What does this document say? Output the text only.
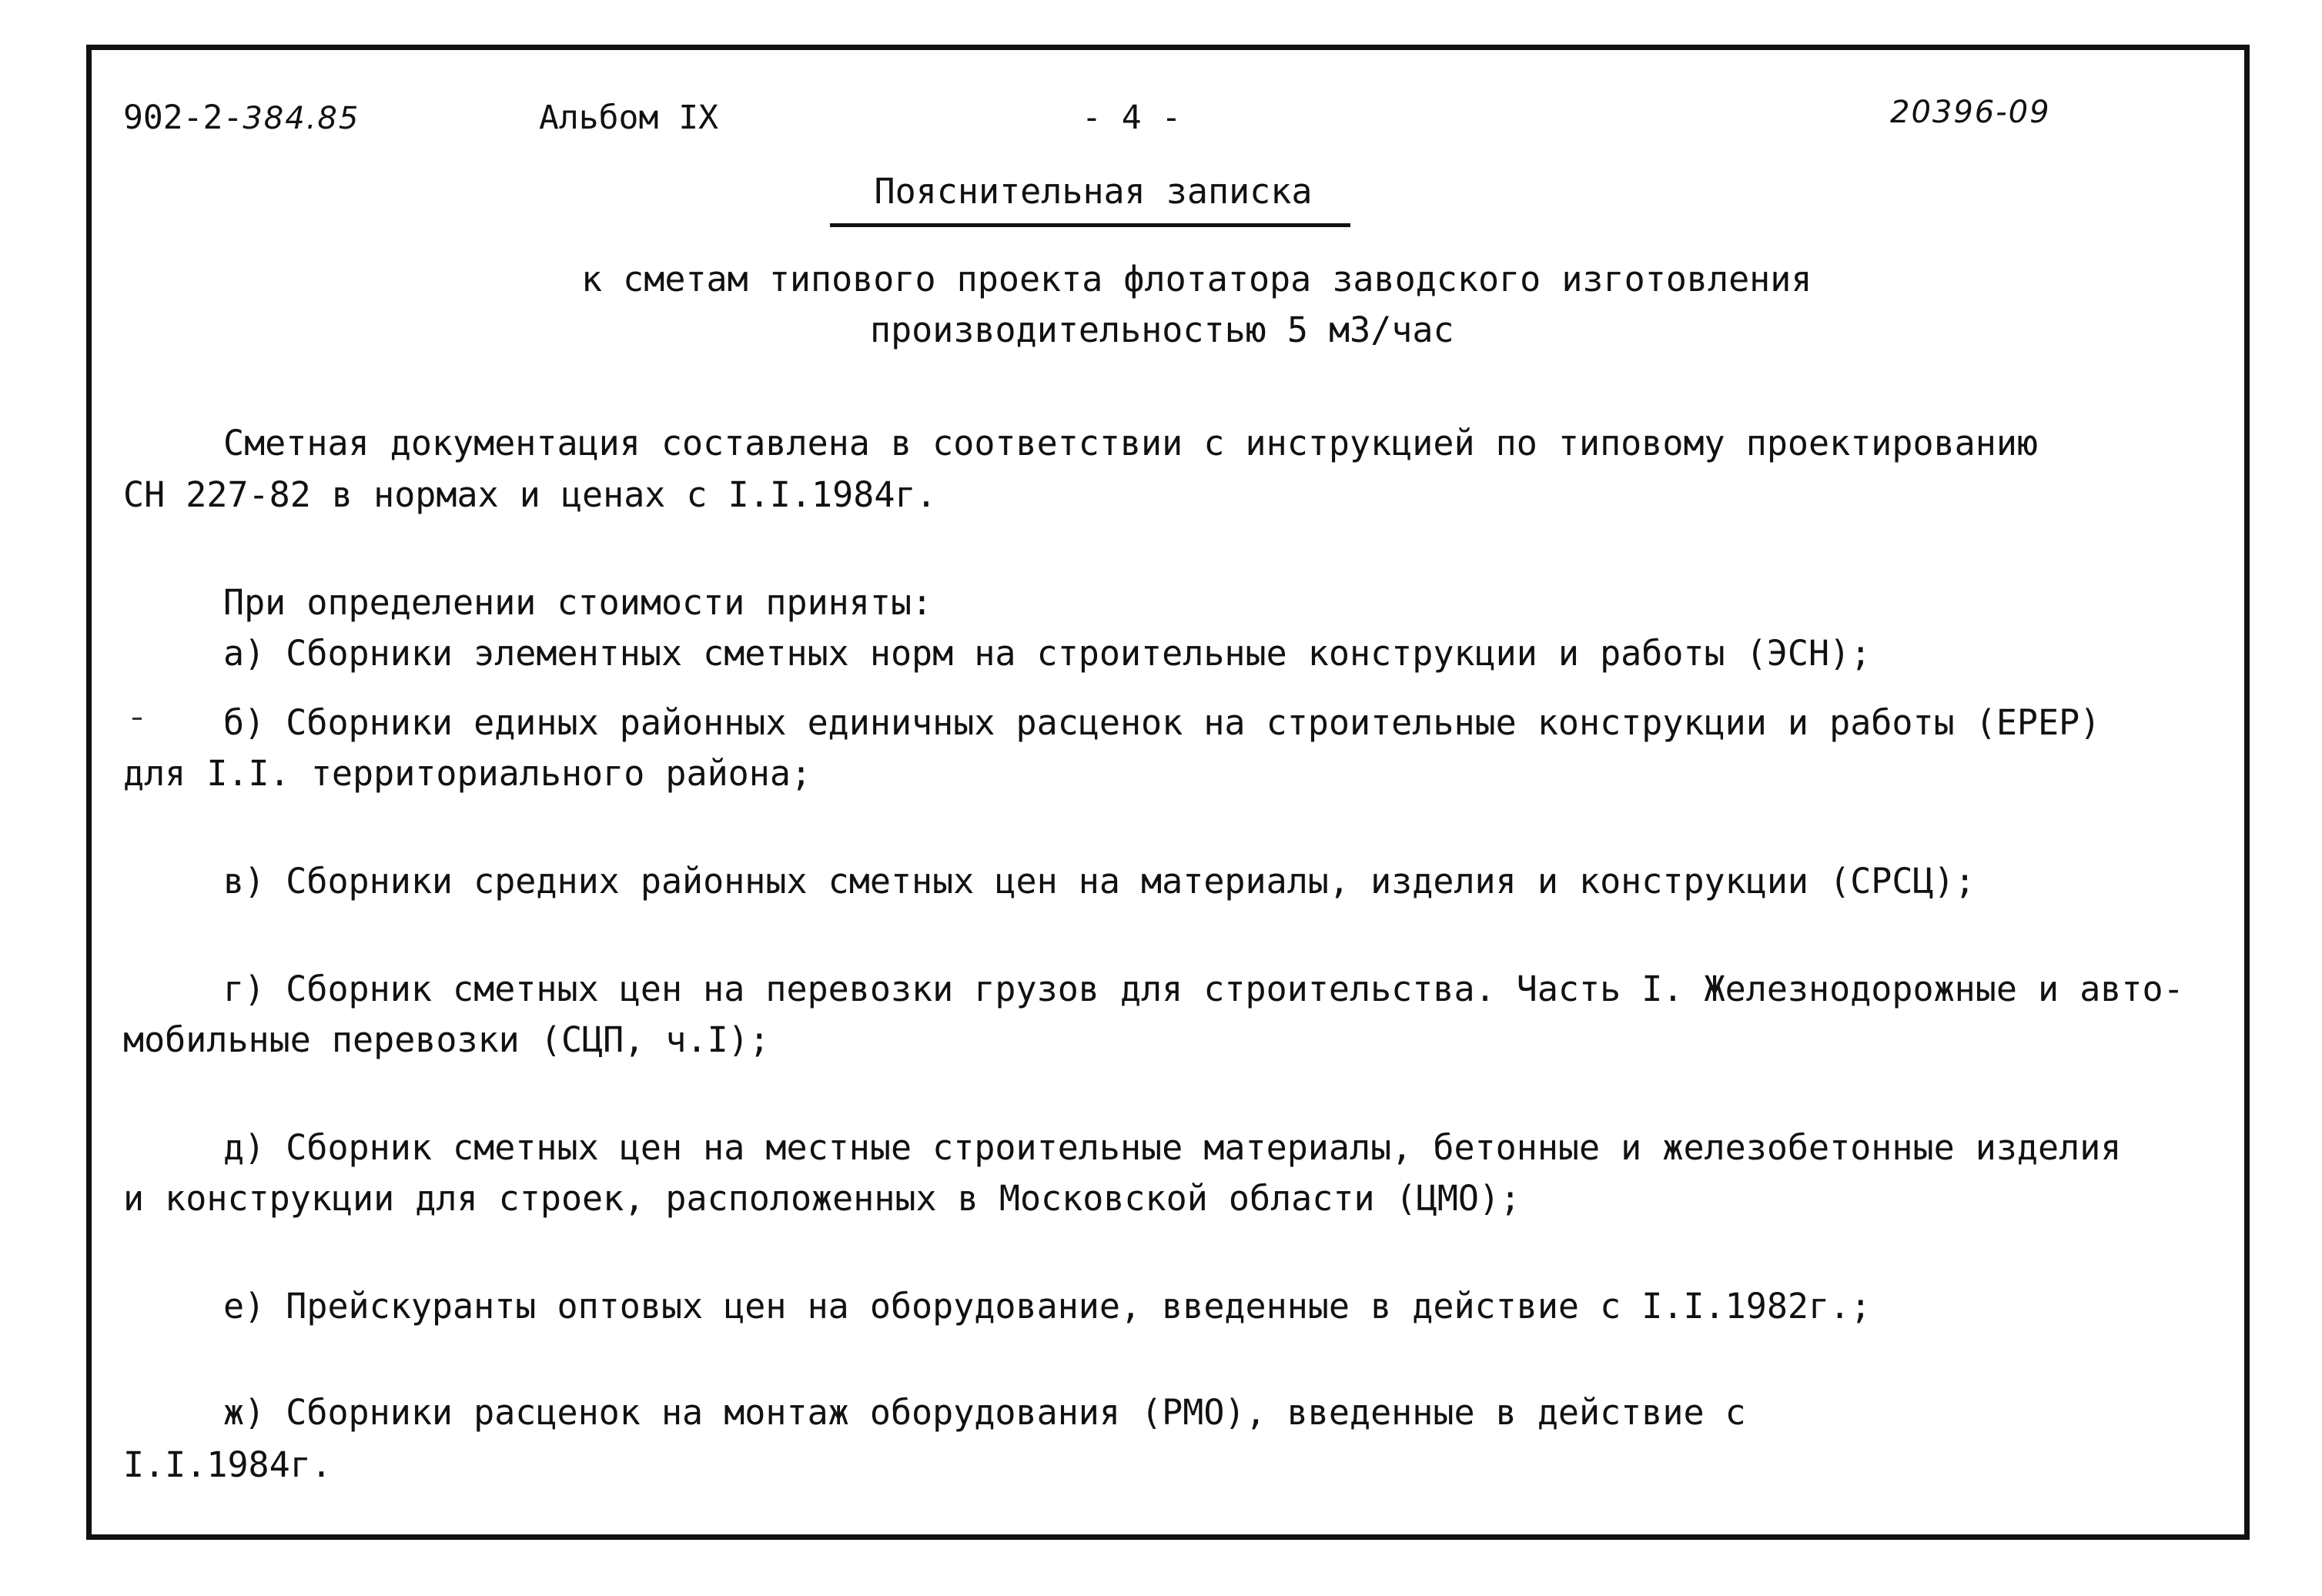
902-2-384.85	Альбом IX	- 4 -	20396-09
Пояснительная записка
к сметам типового проекта флотатора заводского изготовления
производительностью 5 м3/час
Сметная документация составлена в соответствии с инструкцией по типовому проектированию
СН 227-82 в нормах и ценах с I.I.1984г.
При определении стоимости приняты:
а) Сборники элементных сметных норм на строительные конструкции и работы (ЭСН);
б) Сборники единых районных единичных расценок на строительные конструкции и работы (ЕРЕР)
для I.I. территориального района;
в) Сборники средних районных сметных цен на материалы, изделия и конструкции (СРСЦ);
г) Сборник сметных цен на перевозки грузов для строительства. Часть I. Железнодорожные и авто-
мобильные перевозки (СЦП, ч.I);
д) Сборник сметных цен на местные строительные материалы, бетонные и железобетонные изделия
и конструкции для строек, расположенных в Московской области (ЦМО);
е) Прейскуранты оптовых цен на оборудование, введенные в действие с I.I.1982г.;
ж) Сборники расценок на монтаж оборудования (РМО), введенные в действие с
I.I.1984г.
